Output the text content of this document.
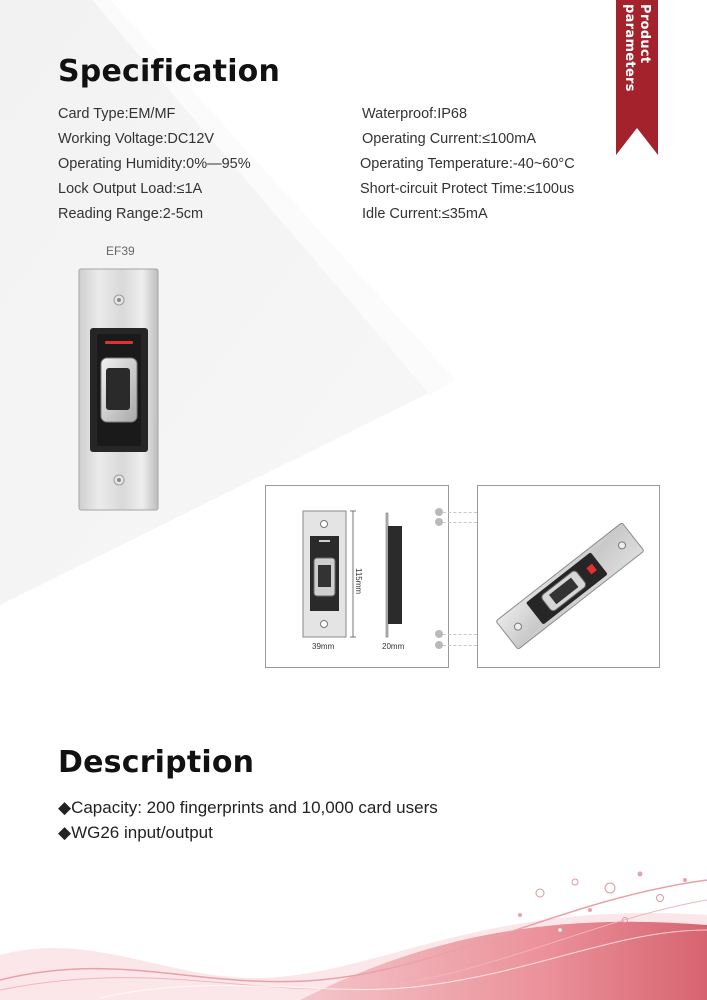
Product parameters
Specification
Card Type:EM/MF
Working Voltage:DC12V
Operating Humidity:0%—95%
Lock Output Load:≤1A
Reading Range:2-5cm
Waterproof:IP68
Operating Current:≤100mA
Operating Temperature:-40~60°C
Short-circuit Protect Time:≤100us
Idle Current:≤35mA
EF39
115mm
39mm	20mm
Description
◆Capacity: 200 fingerprints and 10,000 card users
◆WG26 input/output
